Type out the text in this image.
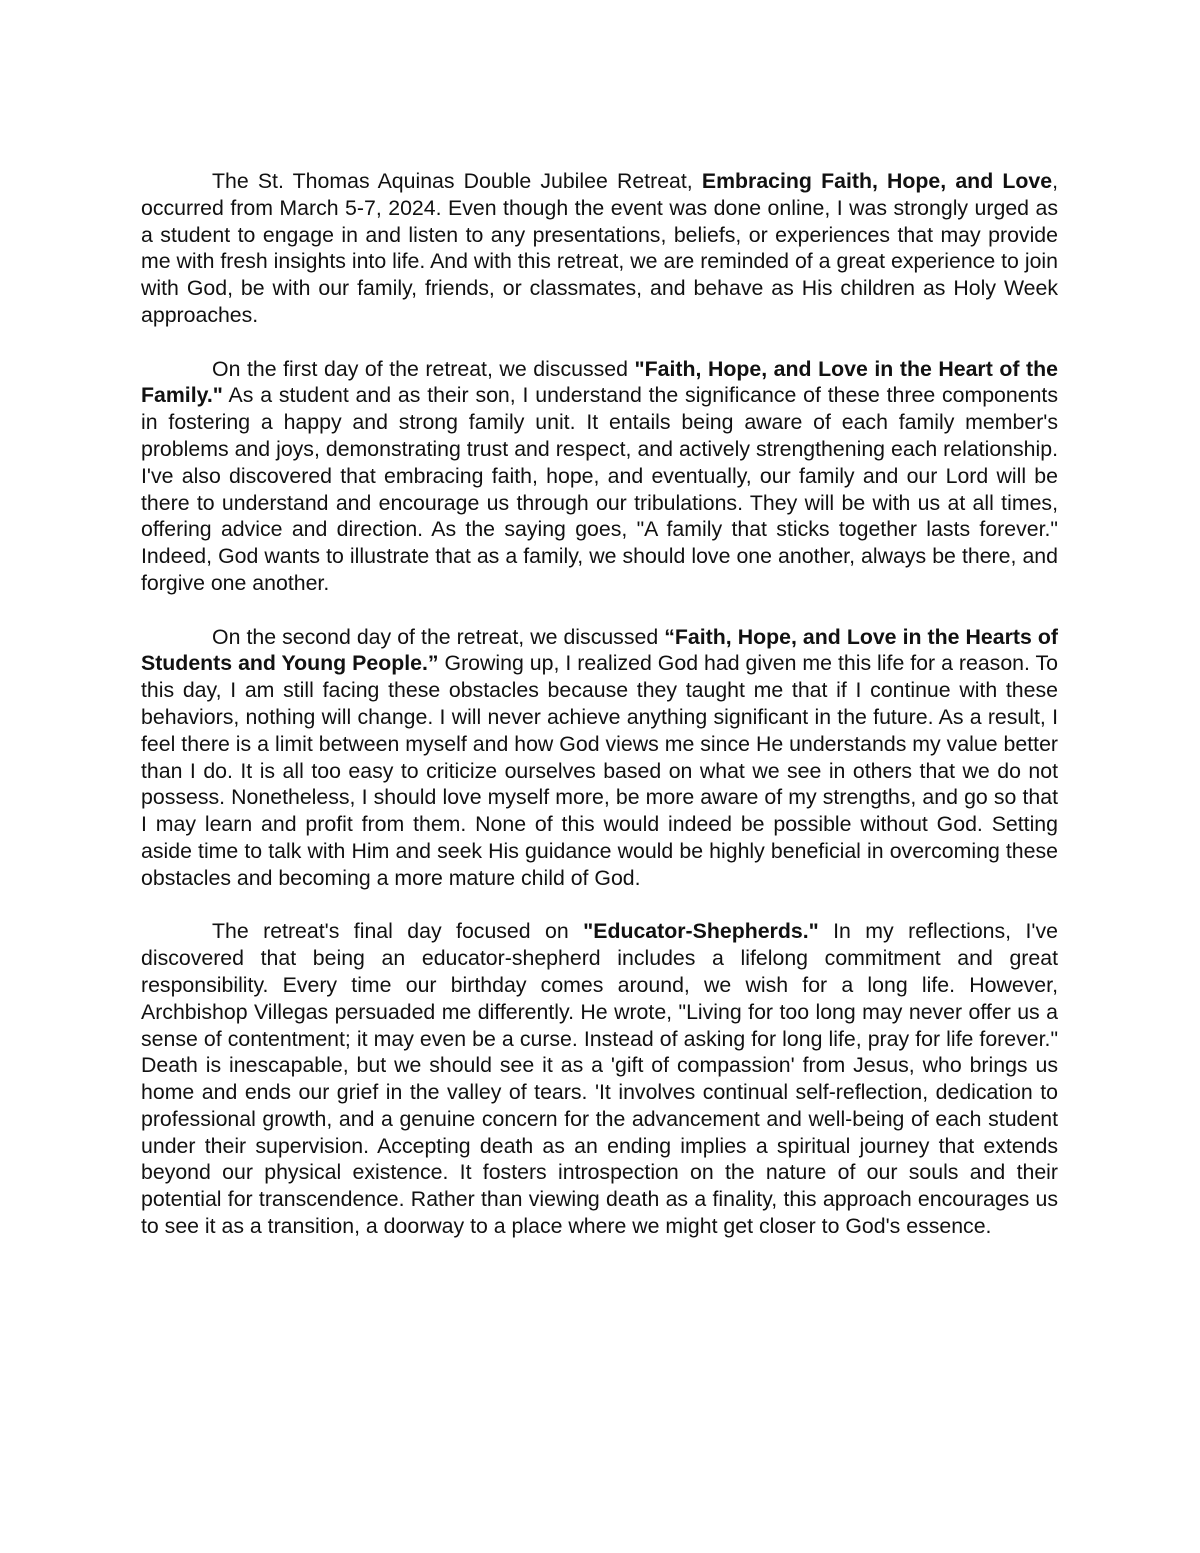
The St. Thomas Aquinas Double Jubilee Retreat, Embracing Faith, Hope, and Love, occurred from March 5-7, 2024. Even though the event was done online, I was strongly urged as a student to engage in and listen to any presentations, beliefs, or experiences that may provide me with fresh insights into life. And with this retreat, we are reminded of a great experience to join with God, be with our family, friends, or classmates, and behave as His children as Holy Week approaches.

On the first day of the retreat, we discussed "Faith, Hope, and Love in the Heart of the Family." As a student and as their son, I understand the significance of these three components in fostering a happy and strong family unit. It entails being aware of each family member's problems and joys, demonstrating trust and respect, and actively strengthening each relationship. I've also discovered that embracing faith, hope, and eventually, our family and our Lord will be there to understand and encourage us through our tribulations. They will be with us at all times, offering advice and direction. As the saying goes, "A family that sticks together lasts forever." Indeed, God wants to illustrate that as a family, we should love one another, always be there, and forgive one another.

On the second day of the retreat, we discussed “Faith, Hope, and Love in the Hearts of Students and Young People.” Growing up, I realized God had given me this life for a reason. To this day, I am still facing these obstacles because they taught me that if I continue with these behaviors, nothing will change. I will never achieve anything significant in the future. As a result, I feel there is a limit between myself and how God views me since He understands my value better than I do. It is all too easy to criticize ourselves based on what we see in others that we do not possess. Nonetheless, I should love myself more, be more aware of my strengths, and go so that I may learn and profit from them. None of this would indeed be possible without God. Setting aside time to talk with Him and seek His guidance would be highly beneficial in overcoming these obstacles and becoming a more mature child of God.

The retreat's final day focused on "Educator-Shepherds." In my reflections, I've discovered that being an educator-shepherd includes a lifelong commitment and great responsibility. Every time our birthday comes around, we wish for a long life. However, Archbishop Villegas persuaded me differently. He wrote, "Living for too long may never offer us a sense of contentment; it may even be a curse. Instead of asking for long life, pray for life forever." Death is inescapable, but we should see it as a 'gift of compassion' from Jesus, who brings us home and ends our grief in the valley of tears. 'It involves continual self-reflection, dedication to professional growth, and a genuine concern for the advancement and well-being of each student under their supervision. Accepting death as an ending implies a spiritual journey that extends beyond our physical existence. It fosters introspection on the nature of our souls and their potential for transcendence. Rather than viewing death as a finality, this approach encourages us to see it as a transition, a doorway to a place where we might get closer to God's essence.
